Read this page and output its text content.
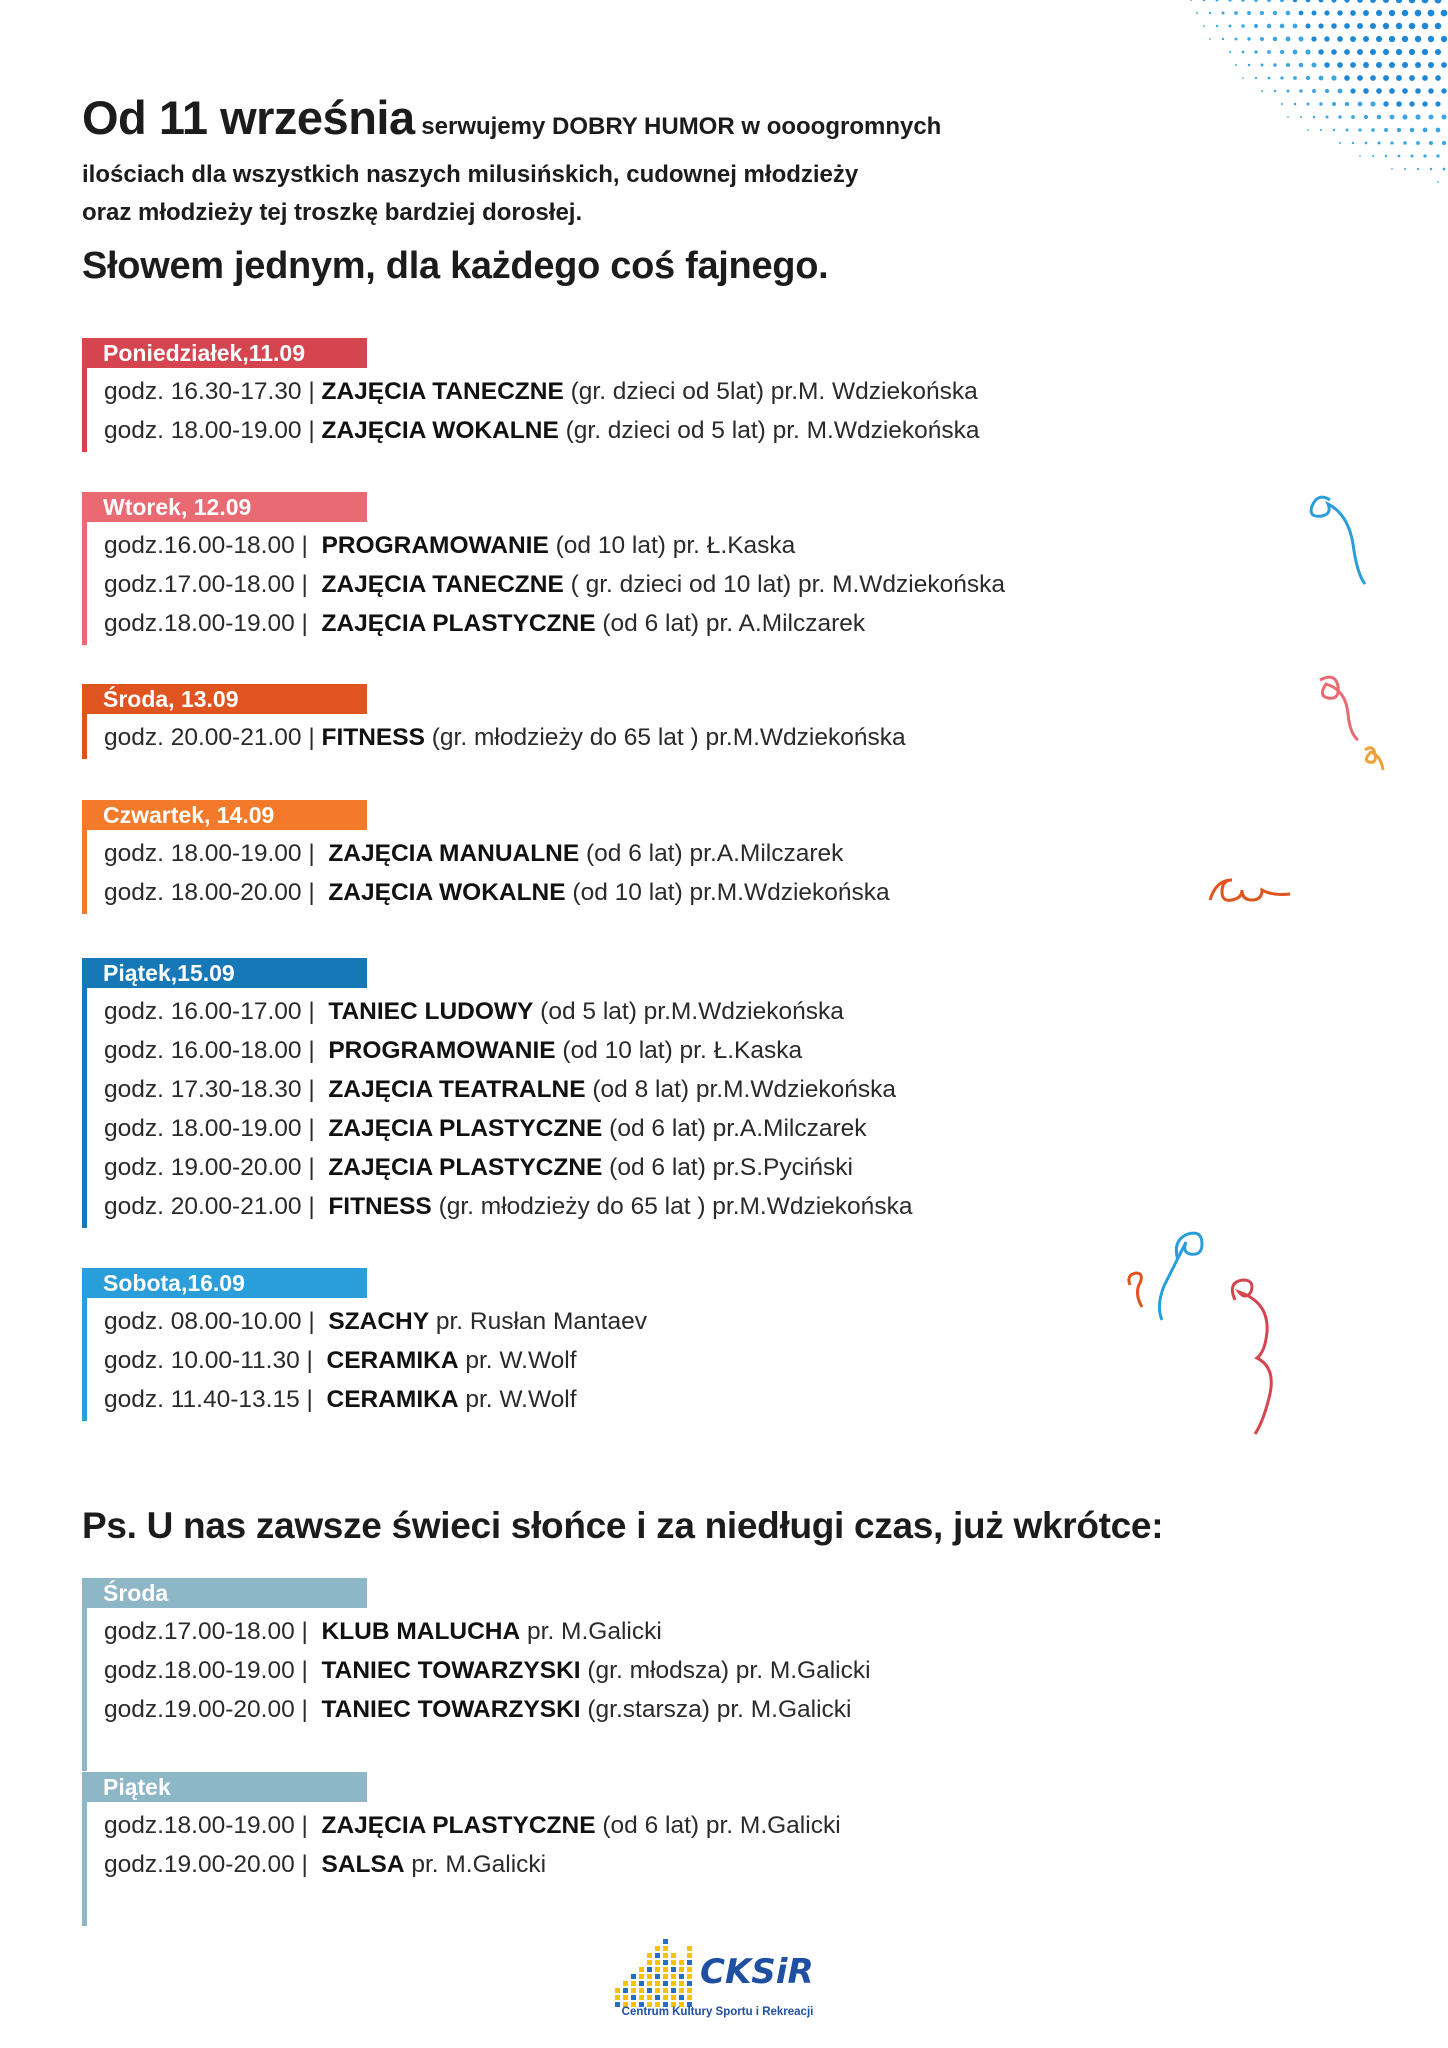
Od 11 września serwujemy DOBRY HUMOR w oooogromnych
ilościach dla wszystkich naszych milusińskich, cudownej młodzieży
oraz młodzieży tej troszkę bardziej dorosłej.
Słowem jednym, dla każdego coś fajnego.
Poniedziałek,11.09
godz. 16.30-17.30 | ZAJĘCIA TANECZNE (gr. dzieci od 5lat) pr.M. Wdziekońska
godz. 18.00-19.00 | ZAJĘCIA WOKALNE (gr. dzieci od 5 lat) pr. M.Wdziekońska
Wtorek, 12.09
godz.16.00-18.00 |  PROGRAMOWANIE (od 10 lat) pr. Ł.Kaska
godz.17.00-18.00 |  ZAJĘCIA TANECZNE ( gr. dzieci od 10 lat) pr. M.Wdziekońska
godz.18.00-19.00 |  ZAJĘCIA PLASTYCZNE (od 6 lat) pr. A.Milczarek
Środa, 13.09
godz. 20.00-21.00 | FITNESS (gr. młodzieży do 65 lat ) pr.M.Wdziekońska
Czwartek, 14.09
godz. 18.00-19.00 |  ZAJĘCIA MANUALNE (od 6 lat) pr.A.Milczarek
godz. 18.00-20.00 |  ZAJĘCIA WOKALNE (od 10 lat) pr.M.Wdziekońska
Piątek,15.09
godz. 16.00-17.00 |  TANIEC LUDOWY (od 5 lat) pr.M.Wdziekońska
godz. 16.00-18.00 |  PROGRAMOWANIE (od 10 lat) pr. Ł.Kaska
godz. 17.30-18.30 |  ZAJĘCIA TEATRALNE (od 8 lat) pr.M.Wdziekońska
godz. 18.00-19.00 |  ZAJĘCIA PLASTYCZNE (od 6 lat) pr.A.Milczarek
godz. 19.00-20.00 |  ZAJĘCIA PLASTYCZNE (od 6 lat) pr.S.Pyciński
godz. 20.00-21.00 |  FITNESS (gr. młodzieży do 65 lat ) pr.M.Wdziekońska
Sobota,16.09
godz. 08.00-10.00 |  SZACHY pr. Rusłan Mantaev
godz. 10.00-11.30 |  CERAMIKA pr. W.Wolf
godz. 11.40-13.15 |  CERAMIKA pr. W.Wolf
Ps. U nas zawsze świeci słońce i za niedługi czas, już wkrótce:
Środa
godz.17.00-18.00 |  KLUB MALUCHA pr. M.Galicki
godz.18.00-19.00 |  TANIEC TOWARZYSKI (gr. młodsza) pr. M.Galicki
godz.19.00-20.00 |  TANIEC TOWARZYSKI (gr.starsza) pr. M.Galicki
Piątek
godz.18.00-19.00 |  ZAJĘCIA PLASTYCZNE (od 6 lat) pr. M.Galicki
godz.19.00-20.00 |  SALSA pr. M.Galicki
CKSiR
Centrum Kultury Sportu i Rekreacji
